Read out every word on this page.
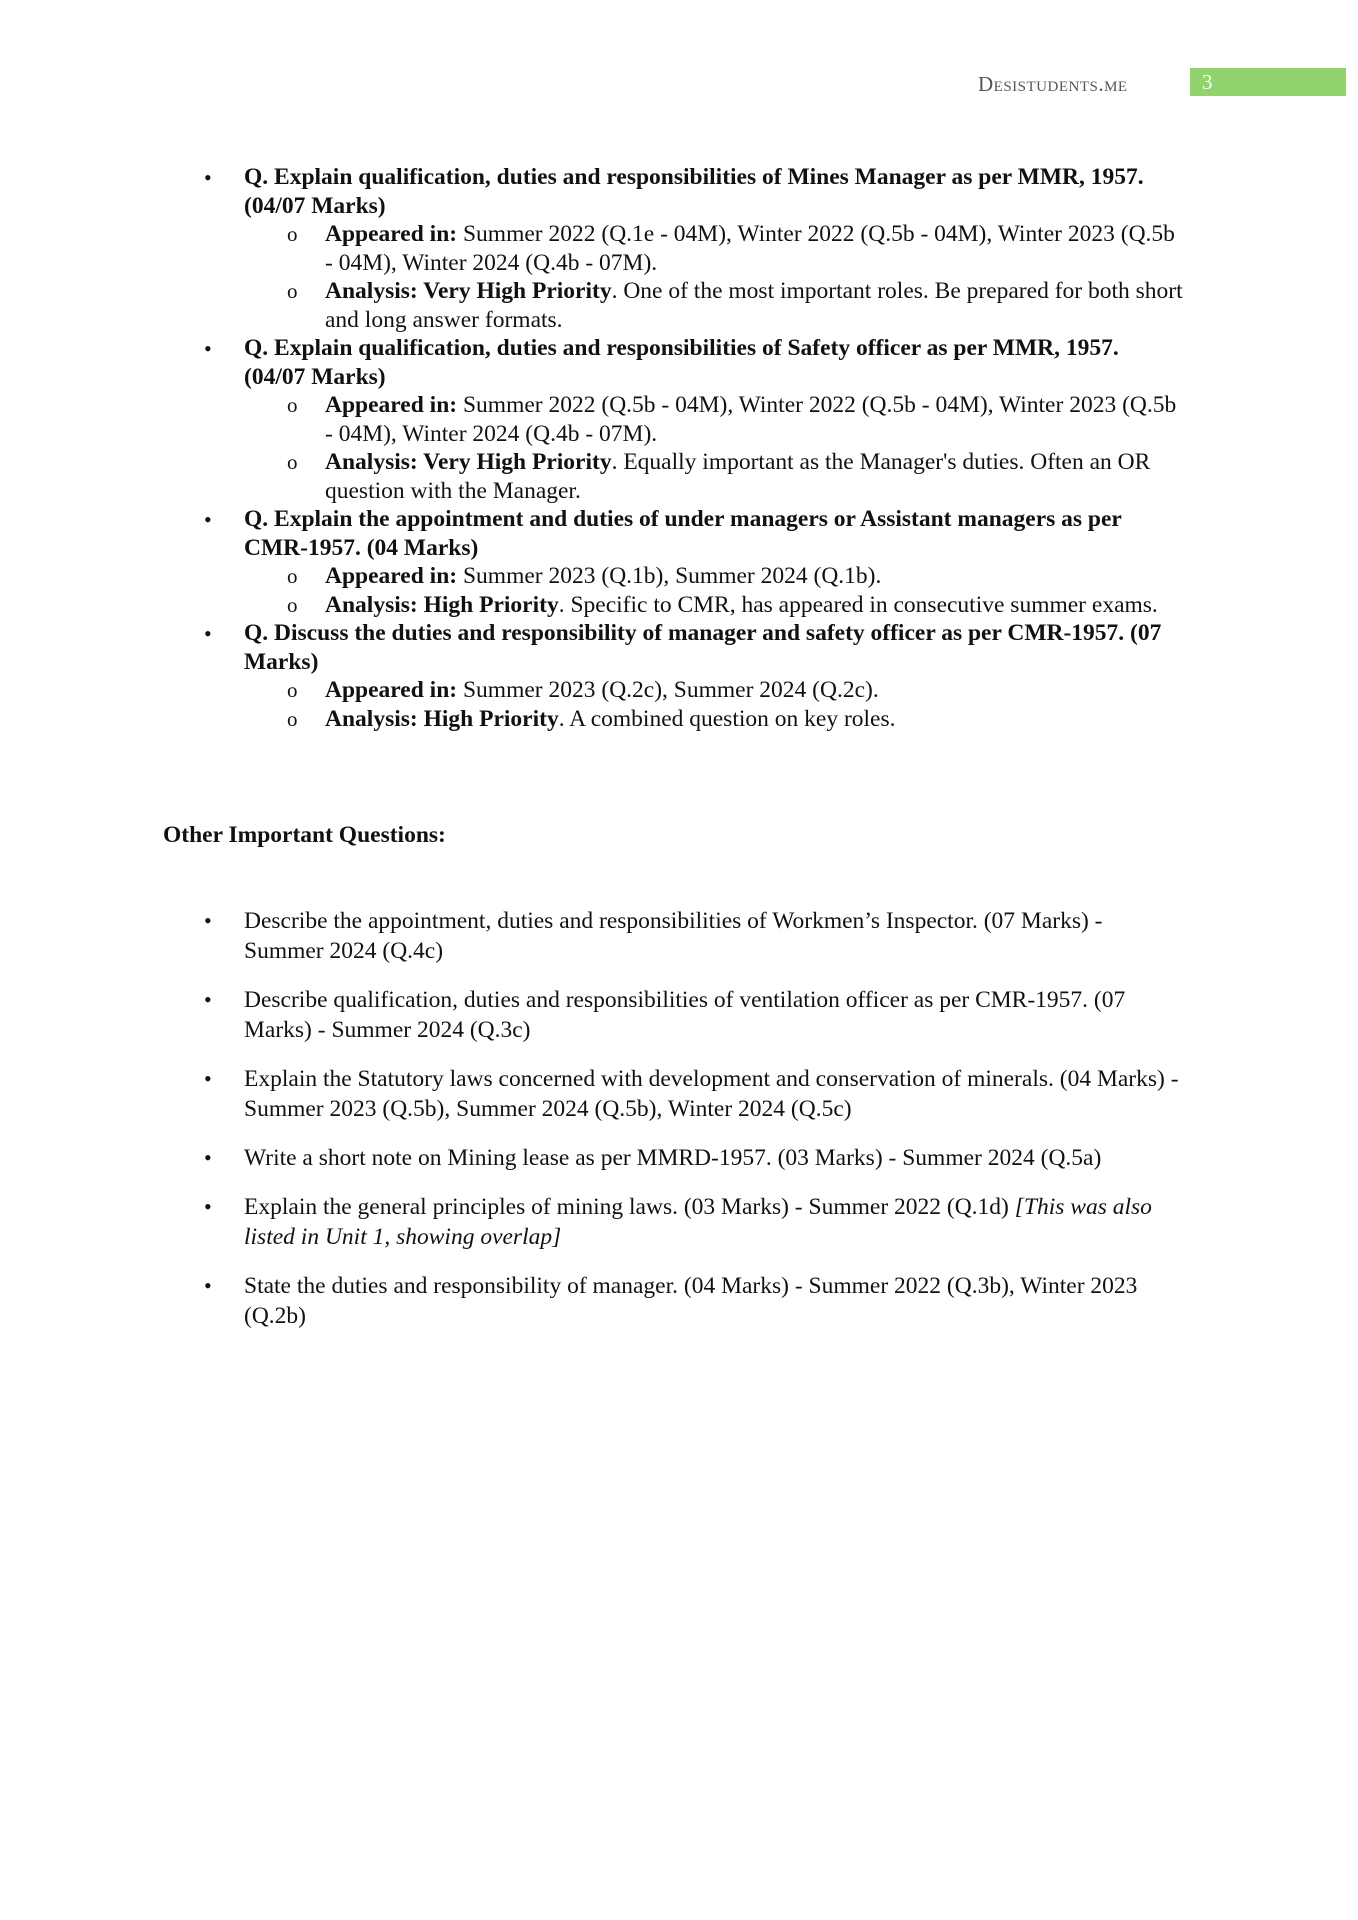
Desistudents.me	3
• Q. Explain qualification, duties and responsibilities of Mines Manager as per MMR, 1957. (04/07 Marks)
o Appeared in: Summer 2022 (Q.1e - 04M), Winter 2022 (Q.5b - 04M), Winter 2023 (Q.5b - 04M), Winter 2024 (Q.4b - 07M).
o Analysis: Very High Priority. One of the most important roles. Be prepared for both short and long answer formats.
• Q. Explain qualification, duties and responsibilities of Safety officer as per MMR, 1957. (04/07 Marks)
o Appeared in: Summer 2022 (Q.5b - 04M), Winter 2022 (Q.5b - 04M), Winter 2023 (Q.5b - 04M), Winter 2024 (Q.4b - 07M).
o Analysis: Very High Priority. Equally important as the Manager's duties. Often an OR question with the Manager.
• Q. Explain the appointment and duties of under managers or Assistant managers as per CMR-1957. (04 Marks)
o Appeared in: Summer 2023 (Q.1b), Summer 2024 (Q.1b).
o Analysis: High Priority. Specific to CMR, has appeared in consecutive summer exams.
• Q. Discuss the duties and responsibility of manager and safety officer as per CMR-1957. (07 Marks)
o Appeared in: Summer 2023 (Q.2c), Summer 2024 (Q.2c).
o Analysis: High Priority. A combined question on key roles.
Other Important Questions:
• Describe the appointment, duties and responsibilities of Workmen’s Inspector. (07 Marks) - Summer 2024 (Q.4c)
• Describe qualification, duties and responsibilities of ventilation officer as per CMR-1957. (07 Marks) - Summer 2024 (Q.3c)
• Explain the Statutory laws concerned with development and conservation of minerals. (04 Marks) - Summer 2023 (Q.5b), Summer 2024 (Q.5b), Winter 2024 (Q.5c)
• Write a short note on Mining lease as per MMRD-1957. (03 Marks) - Summer 2024 (Q.5a)
• Explain the general principles of mining laws. (03 Marks) - Summer 2022 (Q.1d) [This was also listed in Unit 1, showing overlap]
• State the duties and responsibility of manager. (04 Marks) - Summer 2022 (Q.3b), Winter 2023 (Q.2b)
